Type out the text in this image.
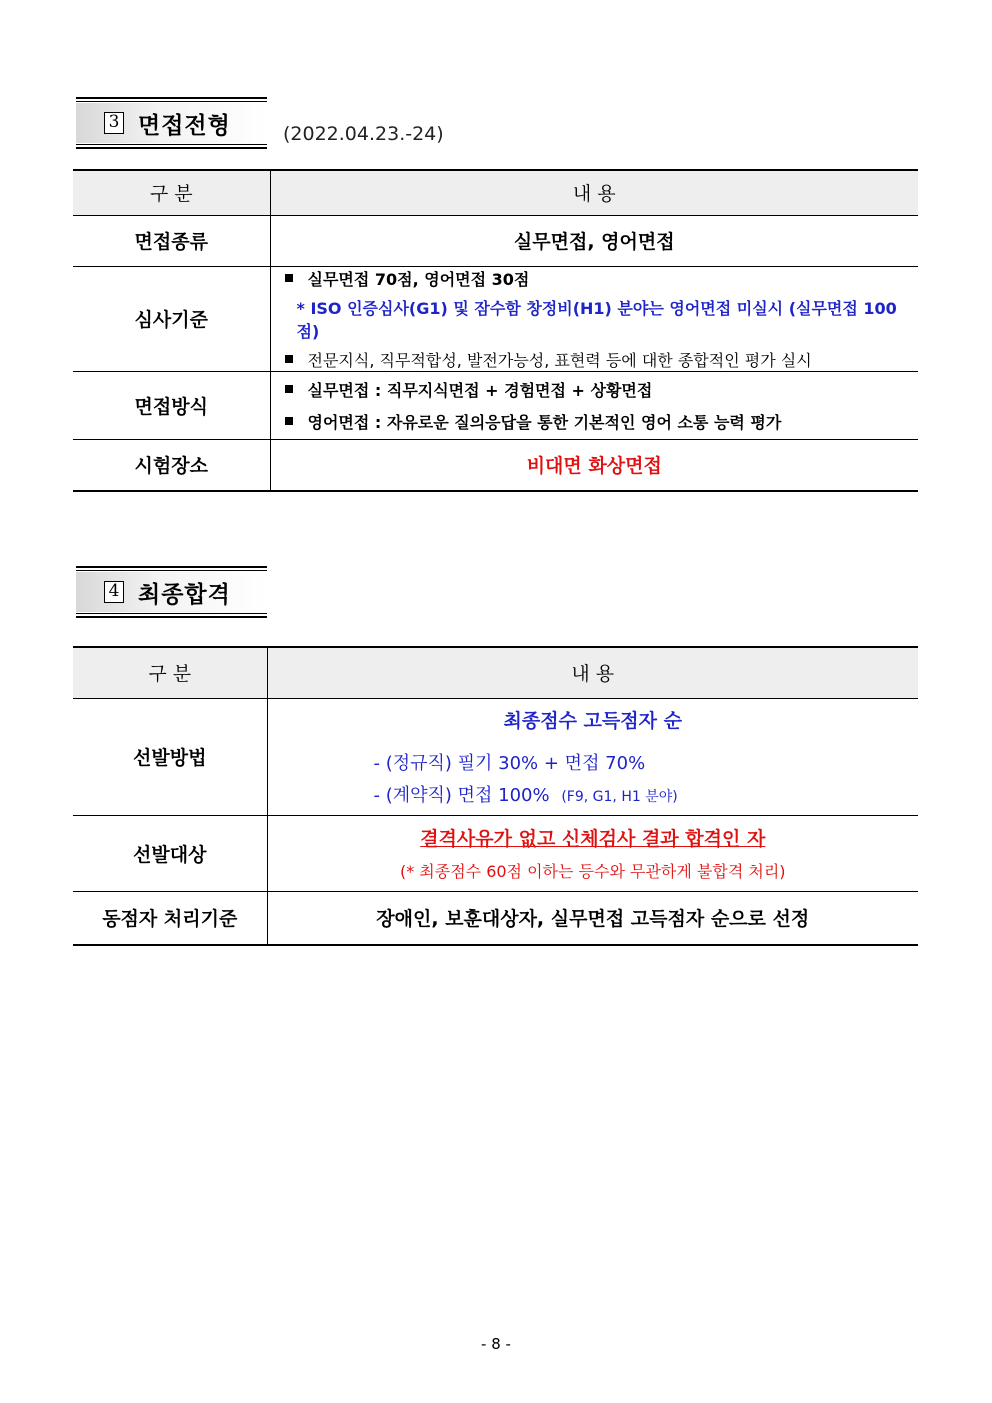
3 면접전형	(2022.04.23.-24)
구 분	내 용
면접종류	실무면접, 영어면접
심사기준	실무면접 70점, 영어면접 30점
* ISO 인증심사(G1) 및 잠수함 창정비(H1) 분야는 영어면접 미실시 (실무면접 100점)
전문지식, 직무적합성, 발전가능성, 표현력 등에 대한 종합적인 평가 실시

면접방식	실무면접 : 직무지식면접 + 경험면접 + 상황면접
영어면접 : 자유로운 질의응답을 통한 기본적인 영어 소통 능력 평가

시험장소	비대면 화상면접
4 최종합격
구 분	내 용
선발방법	최종점수 고득점자 순
- (정규직) 필기 30% + 면접 70%
- (계약직) 면접 100% (F9, G1, H1 분야)

선발대상	결격사유가 없고 신체검사 결과 합격인 자
(* 최종점수 60점 이하는 등수와 무관하게 불합격 처리)

동점자 처리기준	장애인, 보훈대상자, 실무면접 고득점자 순으로 선정
- 8 -
